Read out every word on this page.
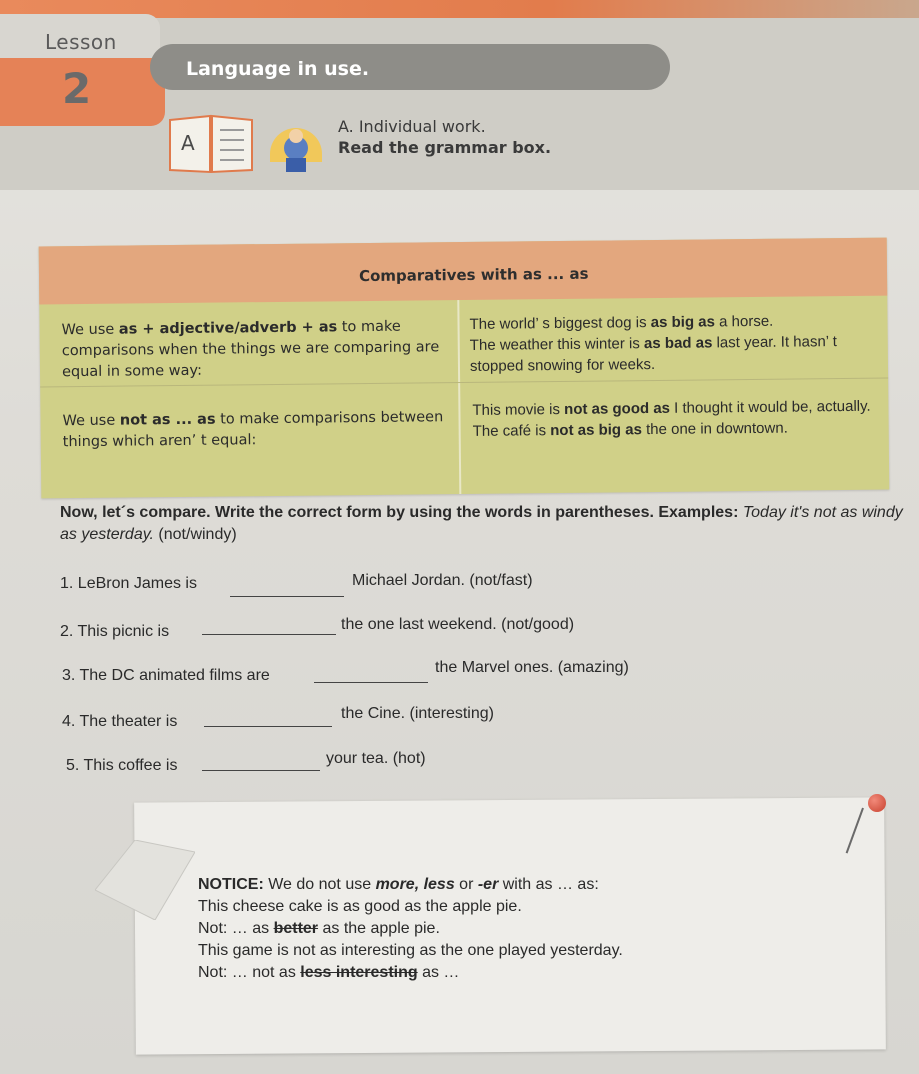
Lesson
2	Language in use.
A
A. Individual work.
Read the grammar box.
Comparatives with as ... as
We use as + adjective/adverb + as to make comparisons when the things we are comparing are equal in some way:
The world’ s biggest dog is as big as a horse.
The weather this winter is as bad as last year. It hasn’ t stopped snowing for weeks.
We use not as ... as to make comparisons between things which aren’ t equal:
This movie is not as good as I thought it would be, actually.
The café is not as big as the one in downtown.
Now, let´s compare. Write the correct form by using the words in parentheses. Examples: Today it's not as windy as yesterday. (not/windy)
1. LeBron James is	Michael Jordan. (not/fast)
2. This picnic is	the one last weekend. (not/good)
3. The DC animated films are	the Marvel ones. (amazing)
4. The theater is	the Cine. (interesting)
5. This coffee is	your tea. (hot)
NOTICE: We do not use more, less or -er with as … as:
This cheese cake is as good as the apple pie.
Not: … as better as the apple pie.
This game is not as interesting as the one played yesterday.
Not: … not as less interesting as …
